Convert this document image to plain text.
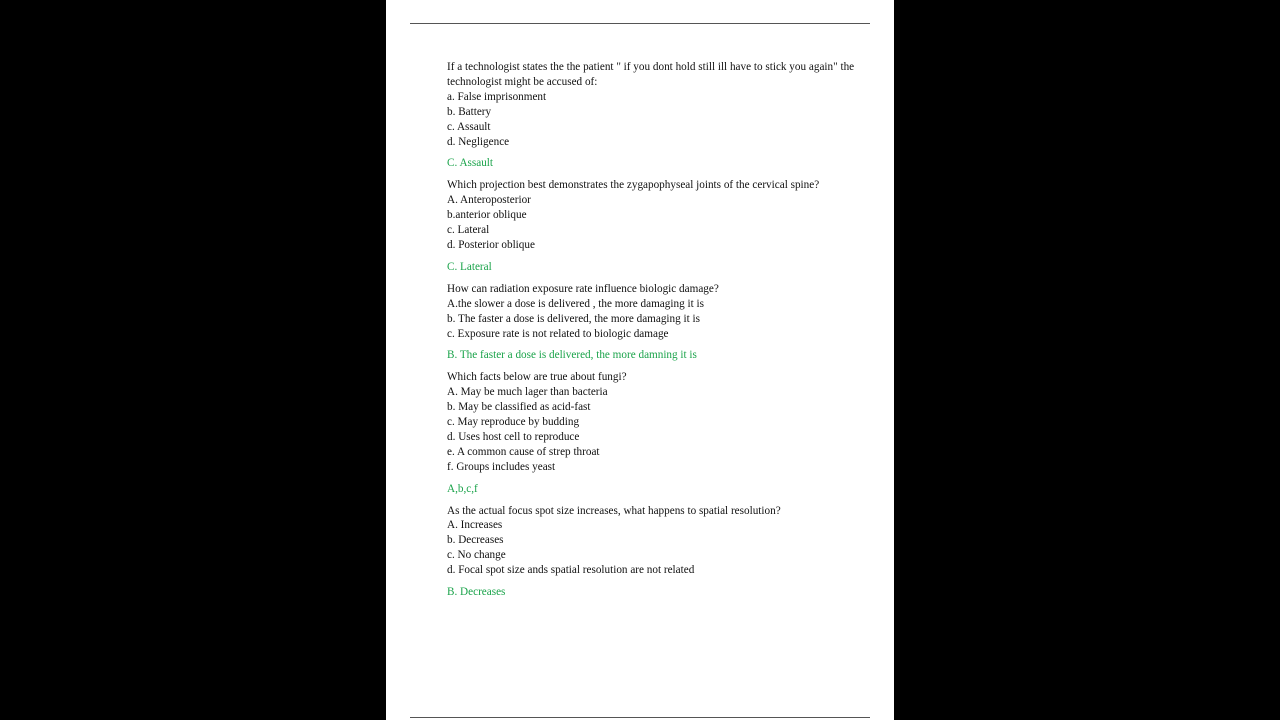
If a technologist states the the patient " if you dont hold still ill have to stick you again" the technologist might be accused of:

a. False imprisonment
b. Battery
c. Assault
d. Negligence

C. Assault

Which projection best demonstrates the zygapophyseal joints of the cervical spine?

A. Anteroposterior
b.anterior oblique
c. Lateral
d. Posterior oblique

C. Lateral

How can radiation exposure rate influence biologic damage?

A.the slower a dose is delivered , the more damaging it is
b. The faster a dose is delivered, the more damaging it is
c. Exposure rate is not related to biologic damage

B. The faster a dose is delivered, the more damning it is

Which facts below are true about fungi?

A. May be much lager than bacteria
b. May be classified as acid-fast
c. May reproduce by budding
d. Uses host cell to reproduce
e. A common cause of strep throat
f. Groups includes yeast

A,b,c,f

As the actual focus spot size increases, what happens to spatial resolution?

A. Increases
b. Decreases
c. No change
d. Focal spot size ands spatial resolution are not related

B. Decreases
